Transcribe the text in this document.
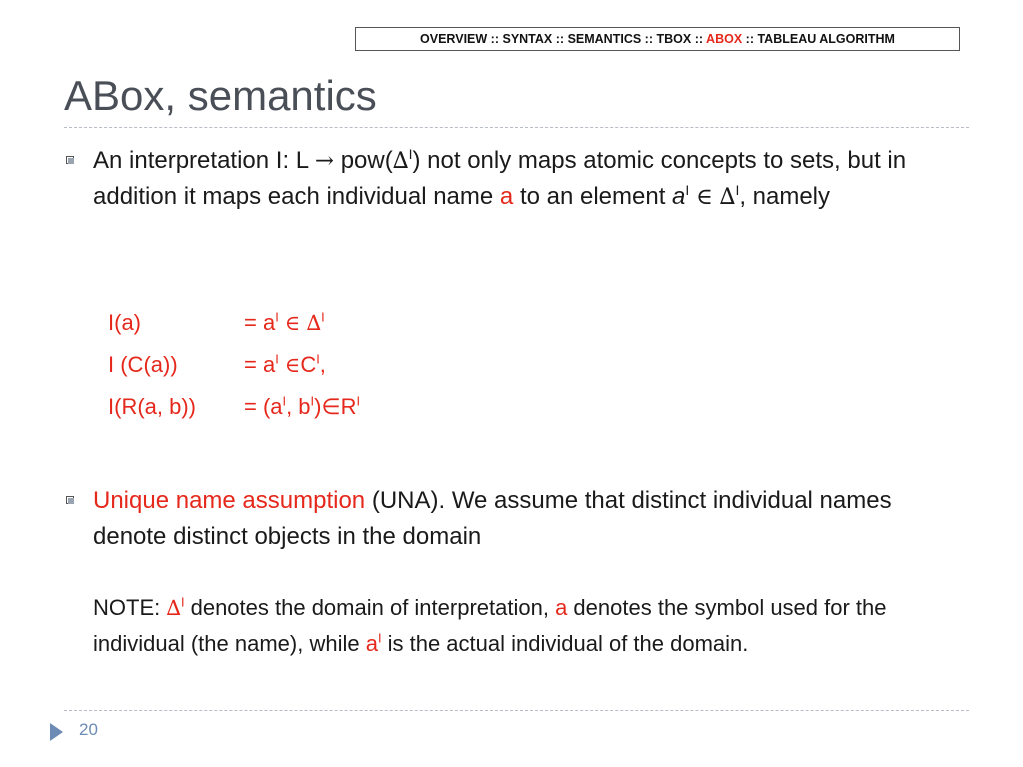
OVERVIEW :: SYNTAX :: SEMANTICS :: TBOX :: ABOX :: TABLEAU ALGORITHM
ABox, semantics
An interpretation I: L → pow(∆$^I$) not only maps atomic concepts to sets, but in addition it maps each individual name a to an element $a^I$ ∈ ∆$^I$, namely
I(a)	= $a^I$ ∈ ∆$^I$
I (C(a))	= $a^I$ $\in C^I$,
I(R(a, $b)) = (a^I$, $b^I)\in R^I$
Unique name assumption (UNA). We assume that distinct individual names denote distinct objects in the domain
NOTE: ∆$^I$ denotes the domain of interpretation, a denotes the symbol used for the individual (the name), while $a^I$ is the actual individual of the domain.
20
